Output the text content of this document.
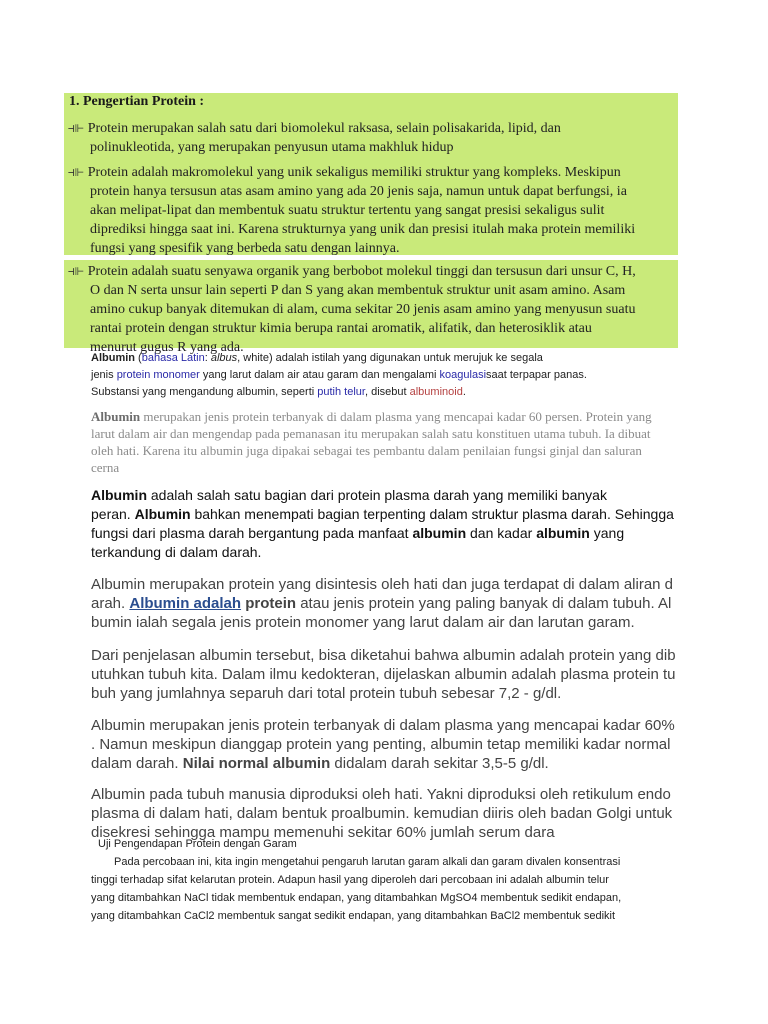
1. Pengertian Protein :
⊣⊩ Protein merupakan salah satu dari biomolekul raksasa, selain polisakarida, lipid, dan
polinukleotida, yang merupakan penyusun utama makhluk hidup
⊣⊩ Protein adalah makromolekul yang unik sekaligus memiliki struktur yang kompleks. Meskipun
protein hanya tersusun atas asam amino yang ada 20 jenis saja, namun untuk dapat berfungsi, ia
akan melipat-lipat dan membentuk suatu struktur tertentu yang sangat presisi sekaligus sulit
diprediksi hingga saat ini. Karena strukturnya yang unik dan presisi itulah maka protein memiliki
fungsi yang spesifik yang berbeda satu dengan lainnya.
⊣⊩ Protein adalah suatu senyawa organik yang berbobot molekul tinggi dan tersusun dari unsur C, H,
O dan N serta unsur lain seperti P dan S yang akan membentuk struktur unit asam amino. Asam
amino cukup banyak ditemukan di alam, cuma sekitar 20 jenis asam amino yang menyusun suatu
rantai protein dengan struktur kimia berupa rantai aromatik, alifatik, dan heterosiklik atau
menurut gugus R yang ada.
Albumin (bahasa Latin: albus, white) adalah istilah yang digunakan untuk merujuk ke segala
jenis protein monomer yang larut dalam air atau garam dan mengalami koagulasisaat terpapar panas.
Substansi yang mengandung albumin, seperti putih telur, disebut albuminoid.
Albumin merupakan jenis protein terbanyak di dalam plasma yang mencapai kadar 60 persen. Protein yang
larut dalam air dan mengendap pada pemanasan itu merupakan salah satu konstituen utama tubuh. Ia dibuat
oleh hati. Karena itu albumin juga dipakai sebagai tes pembantu dalam penilaian fungsi ginjal dan saluran
cerna
Albumin adalah salah satu bagian dari protein plasma darah yang memiliki banyak
peran. Albumin bahkan menempati bagian terpenting dalam struktur plasma darah. Sehingga
fungsi dari plasma darah bergantung pada manfaat albumin dan kadar albumin yang
terkandung di dalam darah.
Albumin merupakan protein yang disintesis oleh hati dan juga terdapat di dalam aliran d
arah. Albumin adalah protein atau jenis protein yang paling banyak di dalam tubuh. Al
bumin ialah segala jenis protein monomer yang larut dalam air dan larutan garam.
Dari penjelasan albumin tersebut, bisa diketahui bahwa albumin adalah protein yang dib
utuhkan tubuh kita. Dalam ilmu kedokteran, dijelaskan albumin adalah plasma protein tu
buh yang jumlahnya separuh dari total protein tubuh sebesar 7,2 - g/dl.
Albumin merupakan jenis protein terbanyak di dalam plasma yang mencapai kadar 60%
. Namun meskipun dianggap protein yang penting, albumin tetap memiliki kadar normal
dalam darah. Nilai normal albumin didalam darah sekitar 3,5-5 g/dl.
Albumin pada tubuh manusia diproduksi oleh hati. Yakni diproduksi oleh retikulum endo
plasma di dalam hati, dalam bentuk proalbumin. kemudian diiris oleh badan Golgi untuk
disekresi sehingga mampu memenuhi sekitar 60% jumlah serum dara
Uji Pengendapan Protein dengan Garam
Pada percobaan ini, kita ingin mengetahui pengaruh larutan garam alkali dan garam divalen konsentrasi
tinggi terhadap sifat kelarutan protein. Adapun hasil yang diperoleh dari percobaan ini adalah albumin telur
yang ditambahkan NaCl tidak membentuk endapan, yang ditambahkan MgSO4 membentuk sedikit endapan,
yang ditambahkan CaCl2 membentuk sangat sedikit endapan, yang ditambahkan BaCl2 membentuk sedikit
